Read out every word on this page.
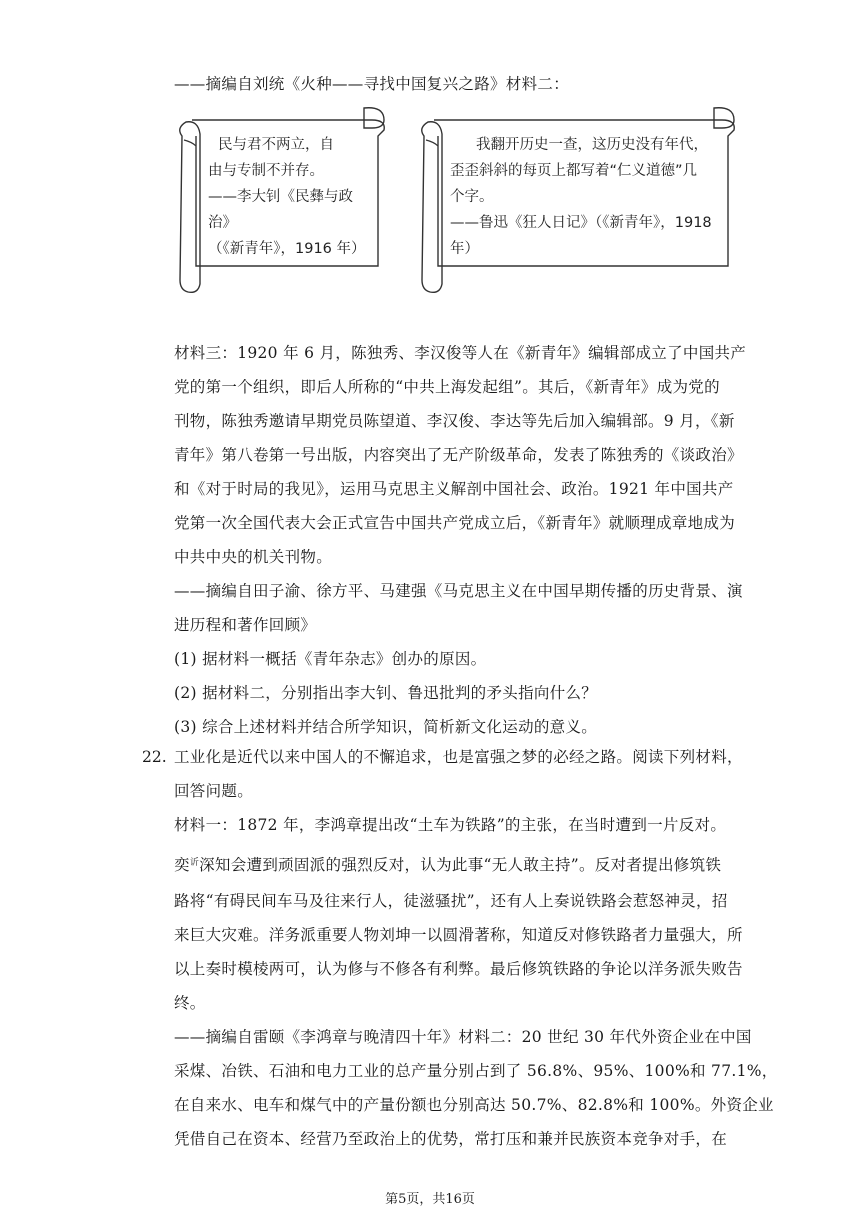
——摘编自刘统《火种——寻找中国复兴之路》材料二：
民与君不两立，自
由与专制不并存。
——李大钊《民彝与政
治》
（《新青年》，1916 年）
我翻开历史一查，这历史没有年代，
歪歪斜斜的每页上都写着“仁义道德”几
个字。
——鲁迅《狂人日记》（《新青年》，1918
年）
材料三：1920 年 6 月，陈独秀、李汉俊等人在《新青年》编辑部成立了中国共产
党的第一个组织，即后人所称的“中共上海发起组”。其后，《新青年》成为党的
刊物，陈独秀邀请早期党员陈望道、李汉俊、李达等先后加入编辑部。9 月，《新
青年》第八卷第一号出版，内容突出了无产阶级革命，发表了陈独秀的《谈政治》
和《对于时局的我见》，运用马克思主义解剖中国社会、政治。1921 年中国共产
党第一次全国代表大会正式宣告中国共产党成立后，《新青年》就顺理成章地成为
中共中央的机关刊物。
——摘编自田子渝、徐方平、马建强《马克思主义在中国早期传播的历史背景、演
进历程和著作回顾》
(1) 据材料一概括《青年杂志》创办的原因。
(2) 据材料二，分别指出李大钊、鲁迅批判的矛头指向什么？
(3) 综合上述材料并结合所学知识，简析新文化运动的意义。
22. 工业化是近代以来中国人的不懈追求，也是富强之梦的必经之路。阅读下列材料，
回答问题。
材料一：1872 年，李鸿章提出改“土车为铁路”的主张，在当时遭到一片反对。
奕$^䜣$深知会遭到顽固派的强烈反对，认为此事“无人敢主持”。反对者提出修筑铁
路将“有碍民间车马及往来行人，徒滋骚扰”，还有人上奏说铁路会惹怒神灵，招
来巨大灾难。洋务派重要人物刘坤一以圆滑著称，知道反对修铁路者力量强大，所
以上奏时模棱两可，认为修与不修各有利弊。最后修筑铁路的争论以洋务派失败告
终。
——摘编自雷颐《李鸿章与晚清四十年》材料二：20 世纪 30 年代外资企业在中国
采煤、冶铁、石油和电力工业的总产量分别占到了 56.8%、95%、100%和 77.1%，
在自来水、电车和煤气中的产量份额也分别高达 50.7%、82.8%和 100%。外资企业
凭借自己在资本、经营乃至政治上的优势，常打压和兼并民族资本竞争对手，在
第5页，共16页
